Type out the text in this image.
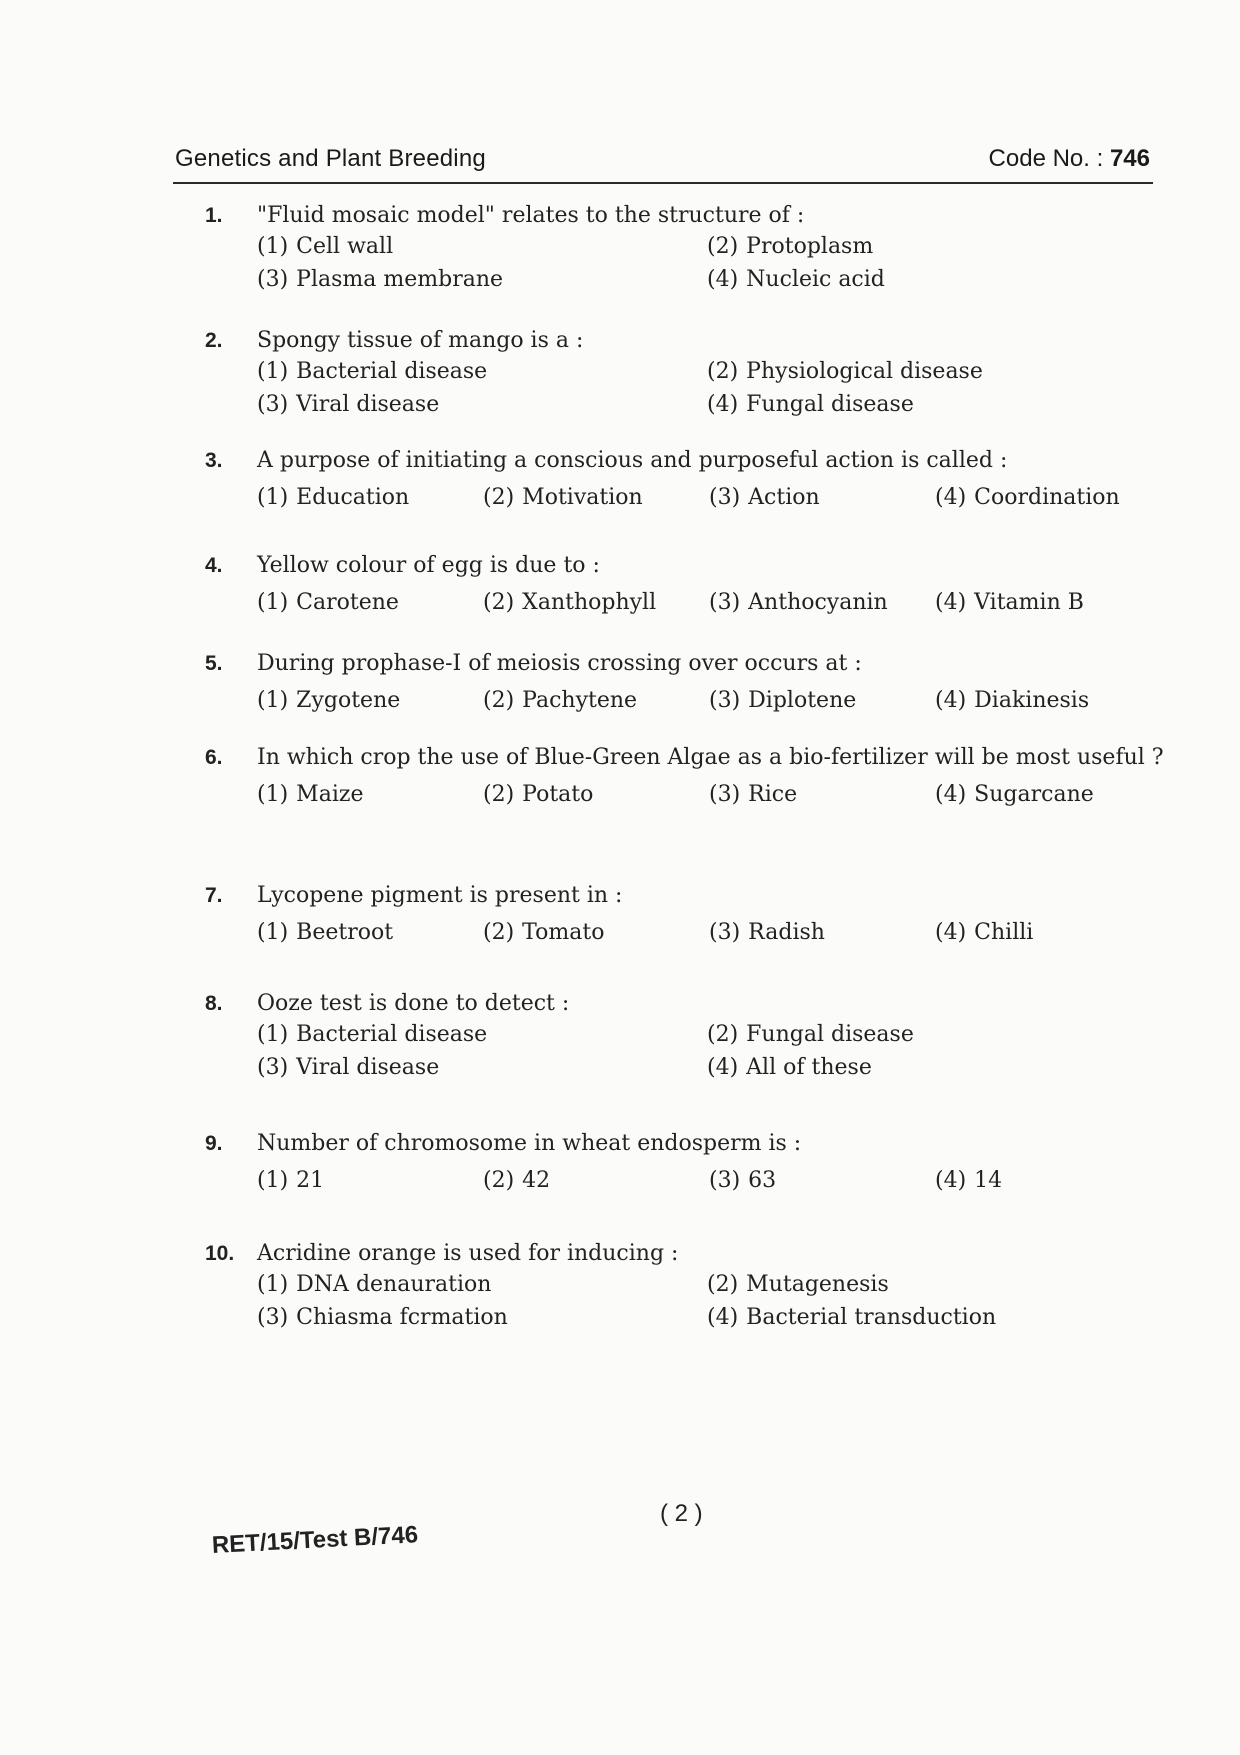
Genetics and Plant Breeding	Code No. : 746
1.	"Fluid mosaic model" relates to the structure of :
(1) Cell wall	(2) Protoplasm
(3) Plasma membrane	(4) Nucleic acid
2.	Spongy tissue of mango is a :
(1) Bacterial disease	(2) Physiological disease
(3) Viral disease	(4) Fungal disease
3.	A purpose of initiating a conscious and purposeful action is called :
(1) Education	(2) Motivation	(3) Action	(4) Coordination
4.	Yellow colour of egg is due to :
(1) Carotene	(2) Xanthophyll	(3) Anthocyanin	(4) Vitamin B
5.	During prophase-I of meiosis crossing over occurs at :
(1) Zygotene	(2) Pachytene	(3) Diplotene	(4) Diakinesis
6.	In which crop the use of Blue-Green Algae as a bio-fertilizer will be most useful ?
(1) Maize	(2) Potato	(3) Rice	(4) Sugarcane
7.	Lycopene pigment is present in :
(1) Beetroot	(2) Tomato	(3) Radish	(4) Chilli
8.	Ooze test is done to detect :
(1) Bacterial disease	(2) Fungal disease
(3) Viral disease	(4) All of these
9.	Number of chromosome in wheat endosperm is :
(1) 21	(2) 42	(3) 63	(4) 14
10.	Acridine orange is used for inducing :
(1) DNA denauration	(2) Mutagenesis
(3) Chiasma fcrmation	(4) Bacterial transduction
( 2 )
RET/15/Test B/746
